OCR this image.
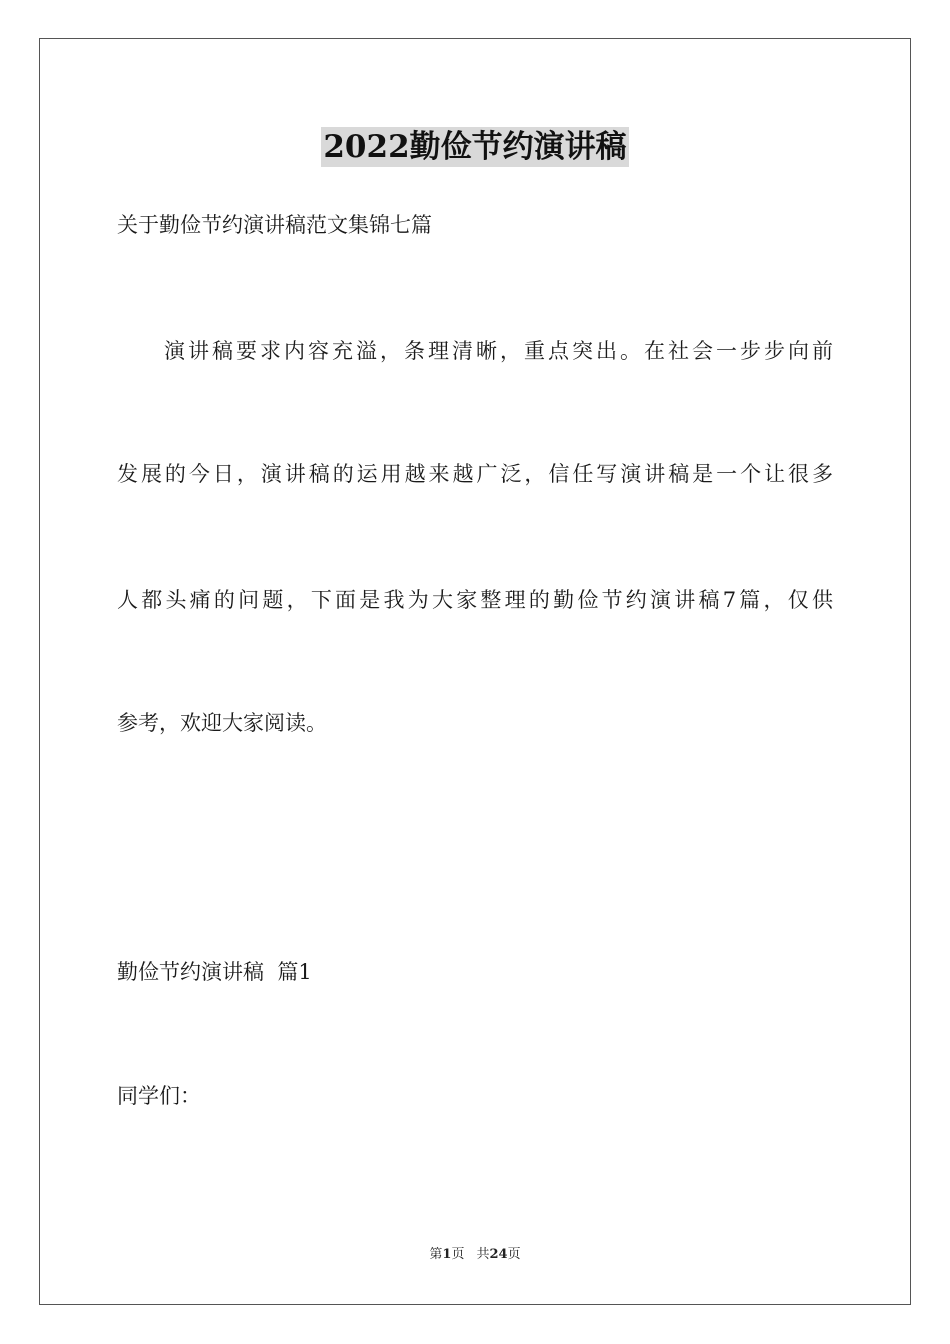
2022勤俭节约演讲稿
关于勤俭节约演讲稿范文集锦七篇
演讲稿要求内容充溢，条理清晰，重点突出。在社会一步步向前
发展的今日，演讲稿的运用越来越广泛，信任写演讲稿是一个让很多
人都头痛的问题，下面是我为大家整理的勤俭节约演讲稿7篇，仅供
参考，欢迎大家阅读。
勤俭节约演讲稿  篇1
同学们：
第1页 共24页
